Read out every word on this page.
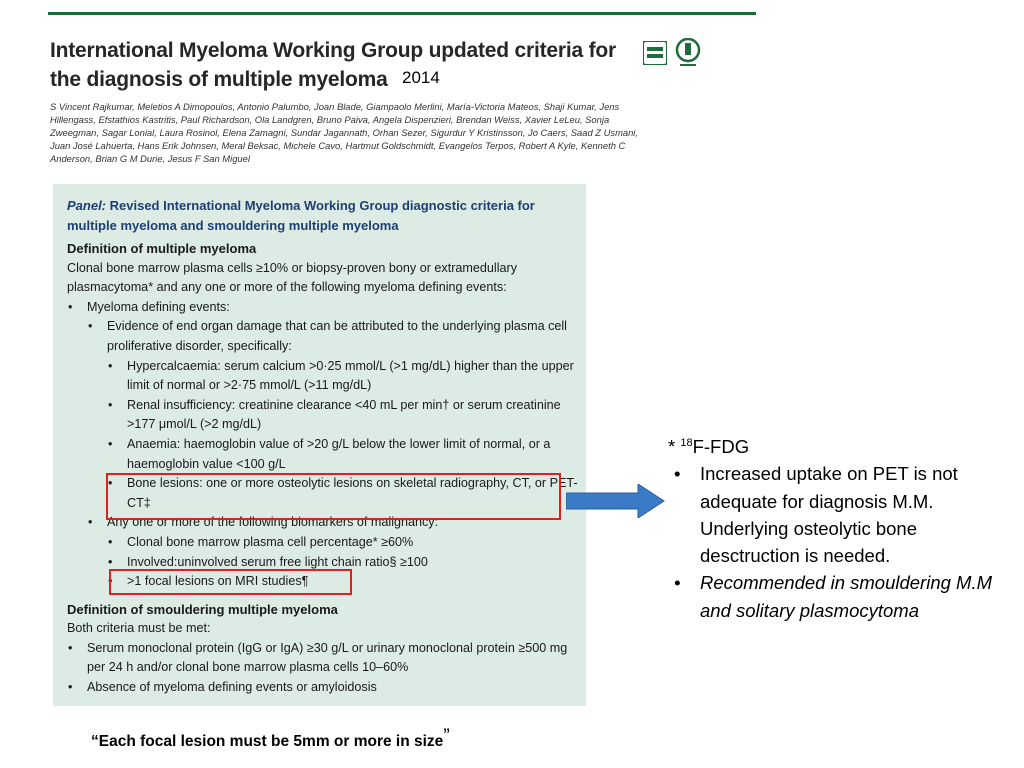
International Myeloma Working Group updated criteria for the diagnosis of multiple myeloma 2014
S Vincent Rajkumar, Meletios A Dimopoulos, Antonio Palumbo, Joan Blade, Giampaolo Merlini, María-Victoria Mateos, Shaji Kumar, Jens Hillengass, Efstathios Kastritis, Paul Richardson, Ola Landgren, Bruno Paiva, Angela Dispenzieri, Brendan Weiss, Xavier LeLeu, Sonja Zweegman, Sagar Lonial, Laura Rosinol, Elena Zamagni, Sundar Jagannath, Orhan Sezer, Sigurdur Y Kristinsson, Jo Caers, Saad Z Usmani, Juan José Lahuerta, Hans Erik Johnsen, Meral Beksac, Michele Cavo, Hartmut Goldschmidt, Evangelos Terpos, Robert A Kyle, Kenneth C Anderson, Brian G M Durie, Jesus F San Miguel
Panel: Revised International Myeloma Working Group diagnostic criteria for multiple myeloma and smouldering multiple myeloma
Definition of multiple myeloma
Clonal bone marrow plasma cells ≥10% or biopsy-proven bony or extramedullary plasmacytoma* and any one or more of the following myeloma defining events:
• Myeloma defining events:
• Evidence of end organ damage that can be attributed to the underlying plasma cell proliferative disorder, specifically:
• Hypercalcaemia: serum calcium >0·25 mmol/L (>1 mg/dL) higher than the upper limit of normal or >2·75 mmol/L (>11 mg/dL)
• Renal insufficiency: creatinine clearance <40 mL per min† or serum creatinine >177 μmol/L (>2 mg/dL)
• Anaemia: haemoglobin value of >20 g/L below the lower limit of normal, or a haemoglobin value <100 g/L
• Bone lesions: one or more osteolytic lesions on skeletal radiography, CT, or PET-CT‡
• Any one or more of the following biomarkers of malignancy:
• Clonal bone marrow plasma cell percentage* ≥60%
• Involved:uninvolved serum free light chain ratio§ ≥100
• >1 focal lesions on MRI studies¶
Definition of smouldering multiple myeloma
Both criteria must be met:
• Serum monoclonal protein (IgG or IgA) ≥30 g/L or urinary monoclonal protein ≥500 mg per 24 h and/or clonal bone marrow plasma cells 10–60%
• Absence of myeloma defining events or amyloidosis
* $^{18}$F-FDG
• Increased uptake on PET is not adequate for diagnosis M.M. Underlying osteolytic bone desctruction is needed.
• Recommended in smouldering M.M and solitary plasmocytoma
“Each focal lesion must be 5mm or more in size”
